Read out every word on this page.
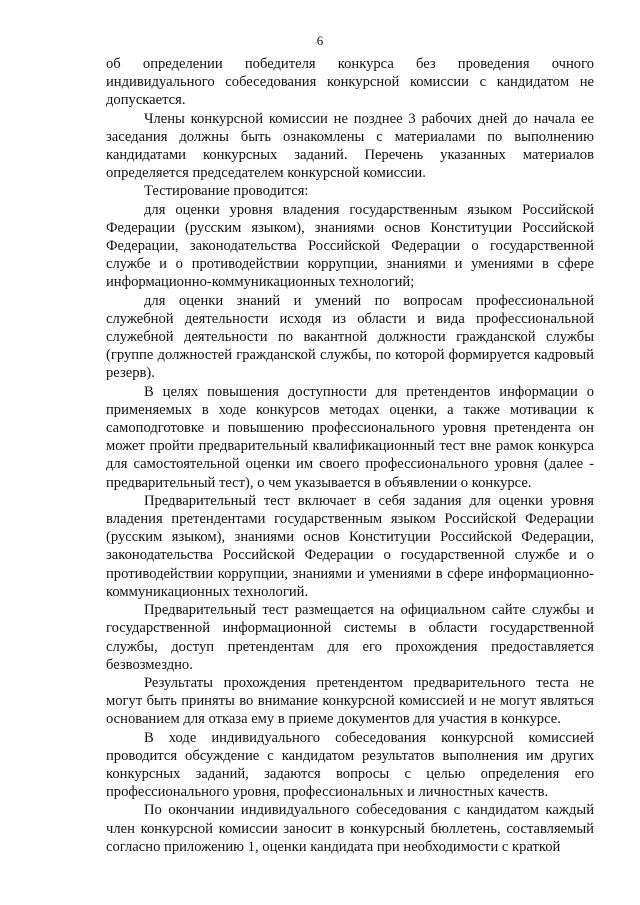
6

об определении победителя конкурса без проведения очного индивидуального собеседования конкурсной комиссии с кандидатом не допускается.

Члены конкурсной комиссии не позднее 3 рабочих дней до начала ее заседания должны быть ознакомлены с материалами по выполнению кандидатами конкурсных заданий. Перечень указанных материалов определяется председателем конкурсной комиссии.

Тестирование проводится:

для оценки уровня владения государственным языком Российской Федерации (русским языком), знаниями основ Конституции Российской Федерации, законодательства Российской Федерации о государственной службе и о противодействии коррупции, знаниями и умениями в сфере информационно-коммуникационных технологий;

для оценки знаний и умений по вопросам профессиональной служебной деятельности исходя из области и вида профессиональной служебной деятельности по вакантной должности гражданской службы (группе должностей гражданской службы, по которой формируется кадровый резерв).

В целях повышения доступности для претендентов информации о применяемых в ходе конкурсов методах оценки, а также мотивации к самоподготовке и повышению профессионального уровня претендента он может пройти предварительный квалификационный тест вне рамок конкурса для самостоятельной оценки им своего профессионального уровня (далее - предварительный тест), о чем указывается в объявлении о конкурсе.

Предварительный тест включает в себя задания для оценки уровня владения претендентами государственным языком Российской Федерации (русским языком), знаниями основ Конституции Российской Федерации, законодательства Российской Федерации о государственной службе и о противодействии коррупции, знаниями и умениями в сфере информационно-коммуникационных технологий.

Предварительный тест размещается на официальном сайте службы и государственной информационной системы в области государственной службы, доступ претендентам для его прохождения предоставляется безвозмездно.

Результаты прохождения претендентом предварительного теста не могут быть приняты во внимание конкурсной комиссией и не могут являться основанием для отказа ему в приеме документов для участия в конкурсе.

В ходе индивидуального собеседования конкурсной комиссией проводится обсуждение с кандидатом результатов выполнения им других конкурсных заданий, задаются вопросы с целью определения его профессионального уровня, профессиональных и личностных качеств.

По окончании индивидуального собеседования с кандидатом каждый член конкурсной комиссии заносит в конкурсный бюллетень, составляемый согласно приложению 1, оценки кандидата при необходимости с краткой
